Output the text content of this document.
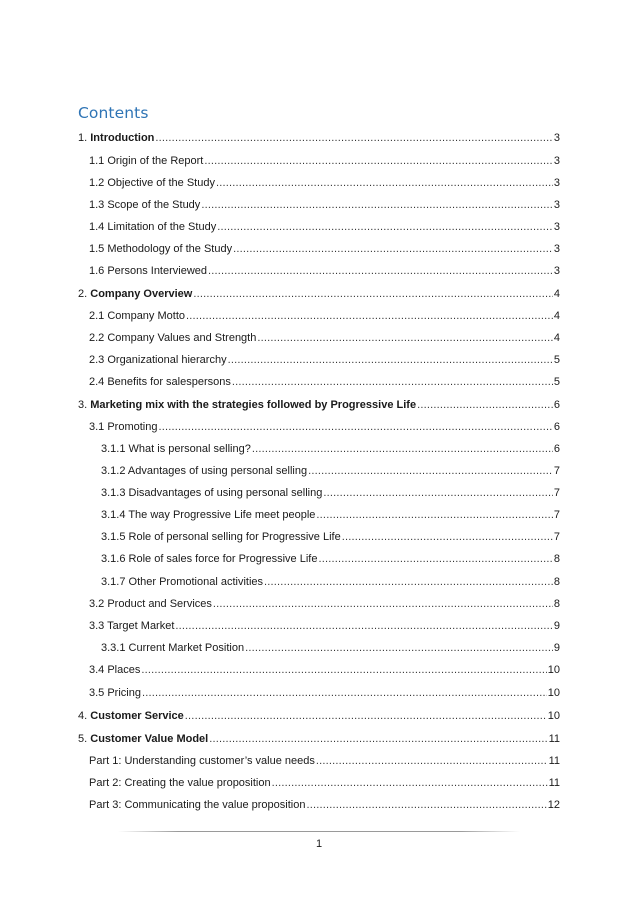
Contents
1. Introduction .....	3
1.1 Origin of the Report .....	3
1.2 Objective of the Study .....	3
1.3 Scope of the Study .....	3
1.4 Limitation of the Study .....	3
1.5 Methodology of the Study .....	3
1.6 Persons Interviewed .....	3
2. Company Overview .....	4
2.1 Company Motto .....	4
2.2 Company Values and Strength .....	4
2.3 Organizational hierarchy .....	5
2.4 Benefits for salespersons .....	5
3. Marketing mix with the strategies followed by Progressive Life .....	6
3.1 Promoting .....	6
3.1.1 What is personal selling? .....	6
3.1.2 Advantages of using personal selling .....	7
3.1.3 Disadvantages of using personal selling .....	7
3.1.4 The way Progressive Life meet people .....	7
3.1.5 Role of personal selling for Progressive Life .....	7
3.1.6 Role of sales force for Progressive Life .....	8
3.1.7 Other Promotional activities .....	8
3.2 Product and Services .....	8
3.3 Target Market .....	9
3.3.1 Current Market Position .....	9
3.4 Places .....	10
3.5 Pricing .....	10
4. Customer Service .....	10
5. Customer Value Model .....	11
Part 1: Understanding customer’s value needs .....	11
Part 2: Creating the value proposition .....	11
Part 3: Communicating the value proposition .....	12
1
